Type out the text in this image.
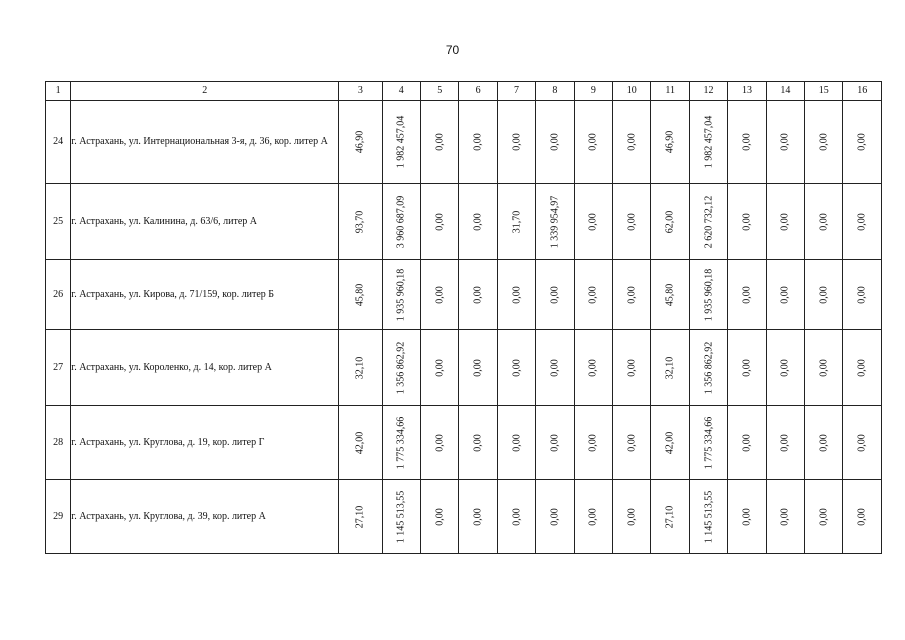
70
1	2	3	4	5	6	7	8	9	10	11	12	13	14	15	16
24	г. Астрахань, ул. Интернациональная 3-я, д. 36, кор. литер А	46,90	1 982 457,04	0,00	0,00	0,00	0,00	0,00	0,00	46,90	1 982 457,04	0,00	0,00	0,00	0,00

25	г. Астрахань, ул. Калинина, д. 63/6, литер А	93,70	3 960 687,09	0,00	0,00	31,70	1 339 954,97	0,00	0,00	62,00	2 620 732,12	0,00	0,00	0,00	0,00

26	г. Астрахань, ул. Кирова, д. 71/159, кор. литер Б	45,80	1 935 960,18	0,00	0,00	0,00	0,00	0,00	0,00	45,80	1 935 960,18	0,00	0,00	0,00	0,00

27	г. Астрахань, ул. Короленко, д. 14, кор. литер А	32,10	1 356 862,92	0,00	0,00	0,00	0,00	0,00	0,00	32,10	1 356 862,92	0,00	0,00	0,00	0,00

28	г. Астрахань, ул. Круглова, д. 19, кор. литер Г	42,00	1 775 334,66	0,00	0,00	0,00	0,00	0,00	0,00	42,00	1 775 334,66	0,00	0,00	0,00	0,00

29	г. Астрахань, ул. Круглова, д. 39, кор. литер А	27,10	1 145 513,55	0,00	0,00	0,00	0,00	0,00	0,00	27,10	1 145 513,55	0,00	0,00	0,00	0,00
